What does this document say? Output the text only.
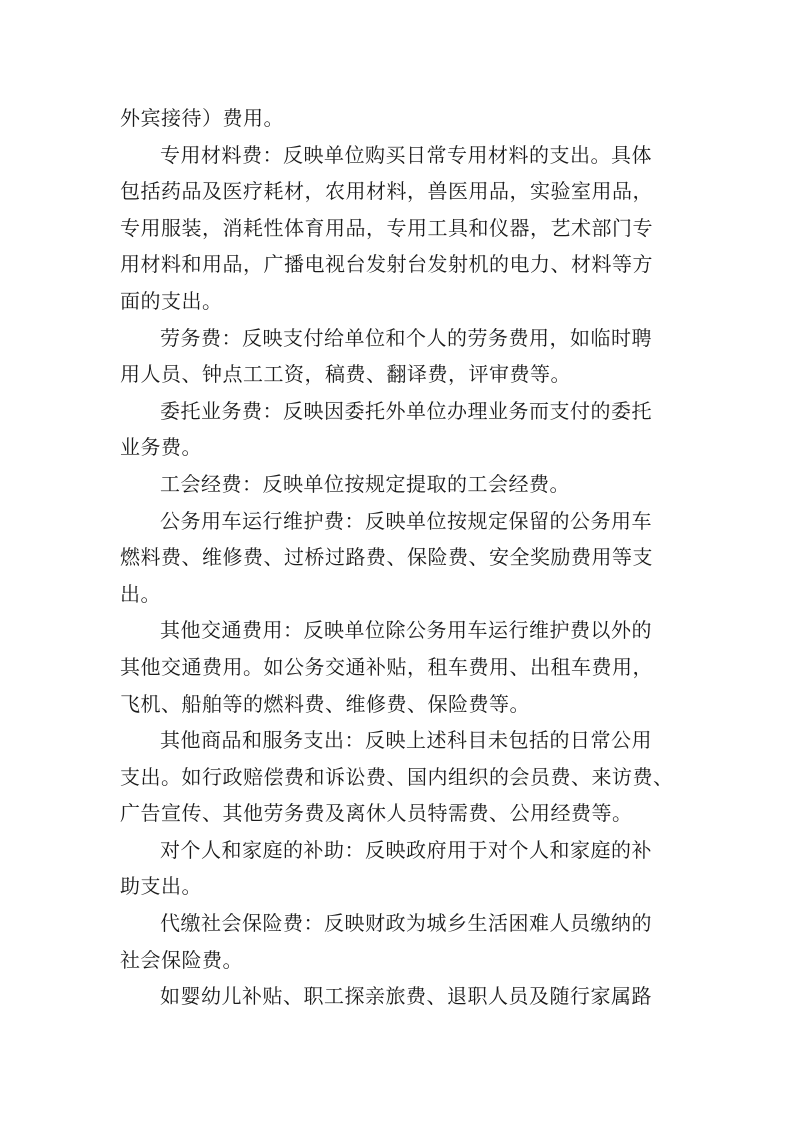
外宾接待）费用。
专用材料费：反映单位购买日常专用材料的支出。具体
包括药品及医疗耗材，农用材料，兽医用品，实验室用品，
专用服装，消耗性体育用品，专用工具和仪器，艺术部门专
用材料和用品，广播电视台发射台发射机的电力、材料等方
面的支出。
劳务费：反映支付给单位和个人的劳务费用，如临时聘
用人员、钟点工工资，稿费、翻译费，评审费等。
委托业务费：反映因委托外单位办理业务而支付的委托
业务费。
工会经费：反映单位按规定提取的工会经费。
公务用车运行维护费：反映单位按规定保留的公务用车
燃料费、维修费、过桥过路费、保险费、安全奖励费用等支
出。
其他交通费用：反映单位除公务用车运行维护费以外的
其他交通费用。如公务交通补贴，租车费用、出租车费用，
飞机、船舶等的燃料费、维修费、保险费等。
其他商品和服务支出：反映上述科目未包括的日常公用
支出。如行政赔偿费和诉讼费、国内组织的会员费、来访费、
广告宣传、其他劳务费及离休人员特需费、公用经费等。
对个人和家庭的补助：反映政府用于对个人和家庭的补
助支出。
代缴社会保险费：反映财政为城乡生活困难人员缴纳的
社会保险费。
如婴幼儿补贴、职工探亲旅费、退职人员及随行家属路
